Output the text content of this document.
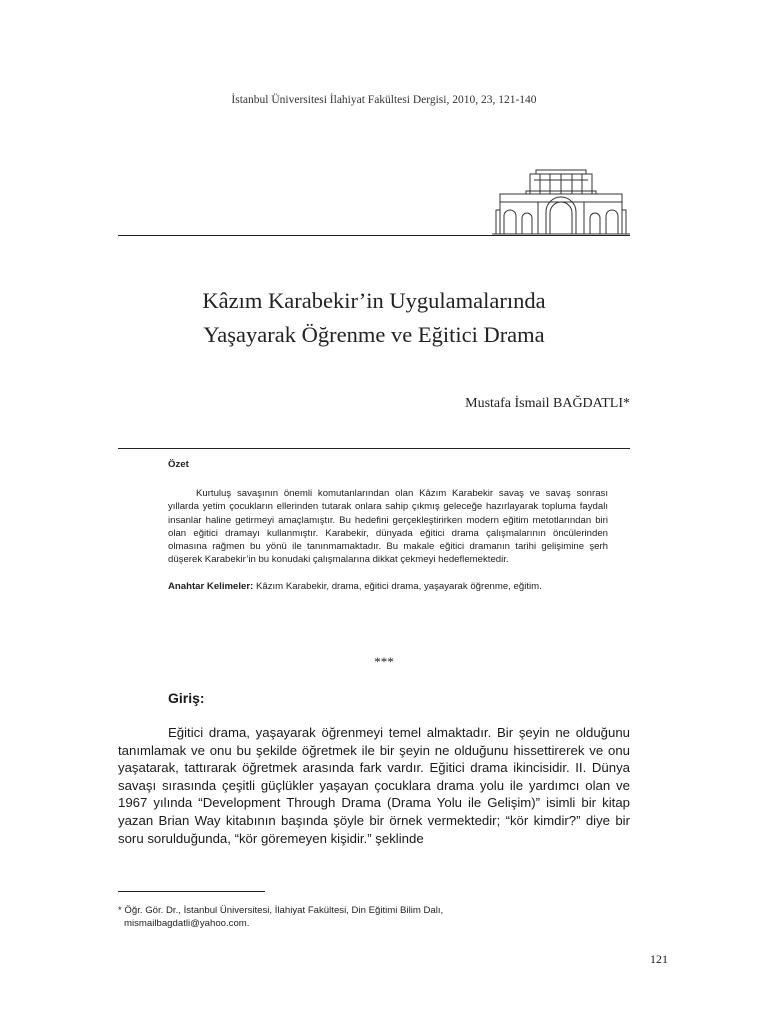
İstanbul Üniversitesi İlahiyat Fakültesi Dergisi, 2010, 23, 121-140
Kâzım Karabekir’in Uygulamalarında
Yaşayarak Öğrenme ve Eğitici Drama
Mustafa İsmail BAĞDATLI*
Özet

Kurtuluş savaşının önemli komutanlarından olan Kâzım Karabekir savaş ve savaş sonrası yıllarda yetim çocukların ellerinden tutarak onlara sahip çıkmış geleceğe hazırlayarak topluma faydalı insanlar haline getirmeyi amaçlamıştır. Bu hedefini gerçekleştirirken modern eğitim metotlarından biri olan eğitici dramayı kullanmıştır. Karabekir, dünyada eğitici drama çalışmalarının öncülerinden olmasına rağmen bu yönü ile tanınmamaktadır. Bu makale eğitici dramanın tarihi gelişimine şerh düşerek Karabekir’in bu konudaki çalışmalarına dikkat çekmeyi hedeflemektedir.

Anahtar Kelimeler: Kâzım Karabekir, drama, eğitici drama, yaşayarak öğrenme, eğitim.
***
Giriş:
Eğitici drama, yaşayarak öğrenmeyi temel almaktadır. Bir şeyin ne olduğunu tanımlamak ve onu bu şekilde öğretmek ile bir şeyin ne olduğunu hissettirerek ve onu yaşatarak, tattırarak öğretmek arasında fark vardır. Eğitici drama ikincisidir. II. Dünya savaşı sırasında çeşitli güçlükler yaşayan çocuklara drama yolu ile yardımcı olan ve 1967 yılında “Development Through Drama (Drama Yolu ile Gelişim)” isimli bir kitap yazan Brian Way kitabının başında şöyle bir örnek vermektedir; “kör kimdir?” diye bir soru sorulduğunda, “kör göremeyen kişidir.” şeklinde
* Öğr. Gör. Dr., İstanbul Üniversitesi, İlahiyat Fakültesi, Din Eğitimi Bilim Dalı,
mismailbagdatli@yahoo.com.
121
